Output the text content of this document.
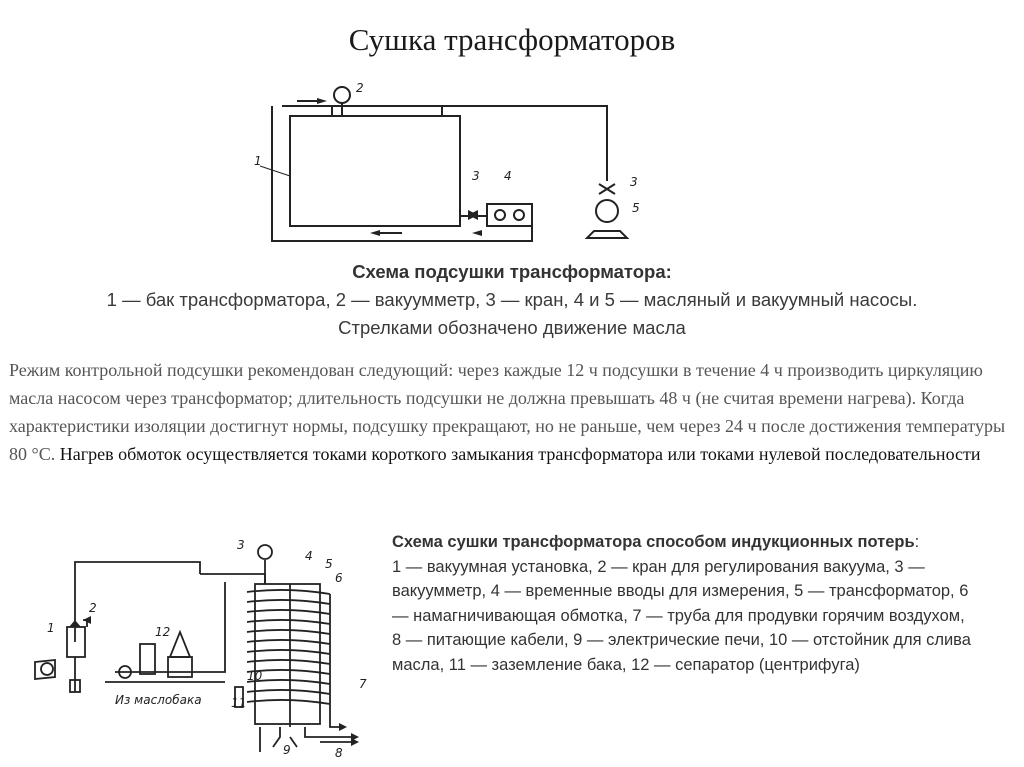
Сушка трансформаторов
1
2
3 4	3
5
Схема подсушки трансформатора:
1 — бак трансформатора, 2 — вакуумметр, 3 — кран, 4 и 5 — масляный и вакуумный насосы.
Стрелками обозначено движение масла
Режим контрольной подсушки рекомендован следующий: через каждые 12 ч подсушки в течение 4 ч производить циркуляцию масла насосом через трансформатор; длительность подсушки не должна превышать 48 ч (не считая времени нагрева). Когда характеристики изоляции достигнут нормы, подсушку прекращают, но не раньше, чем через 24 ч после достижения температуры 80 °С. Нагрев обмоток осуществляется токами короткого замыкания трансформатора или токами нулевой последовательности
3
4
5
6
2
1	12
10
11
9	8
7
Из маслобака
Схема сушки трансформатора способом индукционных потерь:
1 — вакуумная установка, 2 — кран для регулирования вакуума, 3 — вакуумметр, 4 — временные вводы для измерения, 5 — трансформатор, 6 — намагничивающая обмотка, 7 — труба для продувки горячим воздухом, 8 — питающие кабели, 9 — электрические печи, 10 — отстойник для слива масла, 11 — заземление бака, 12 — сепаратор (центрифуга)
